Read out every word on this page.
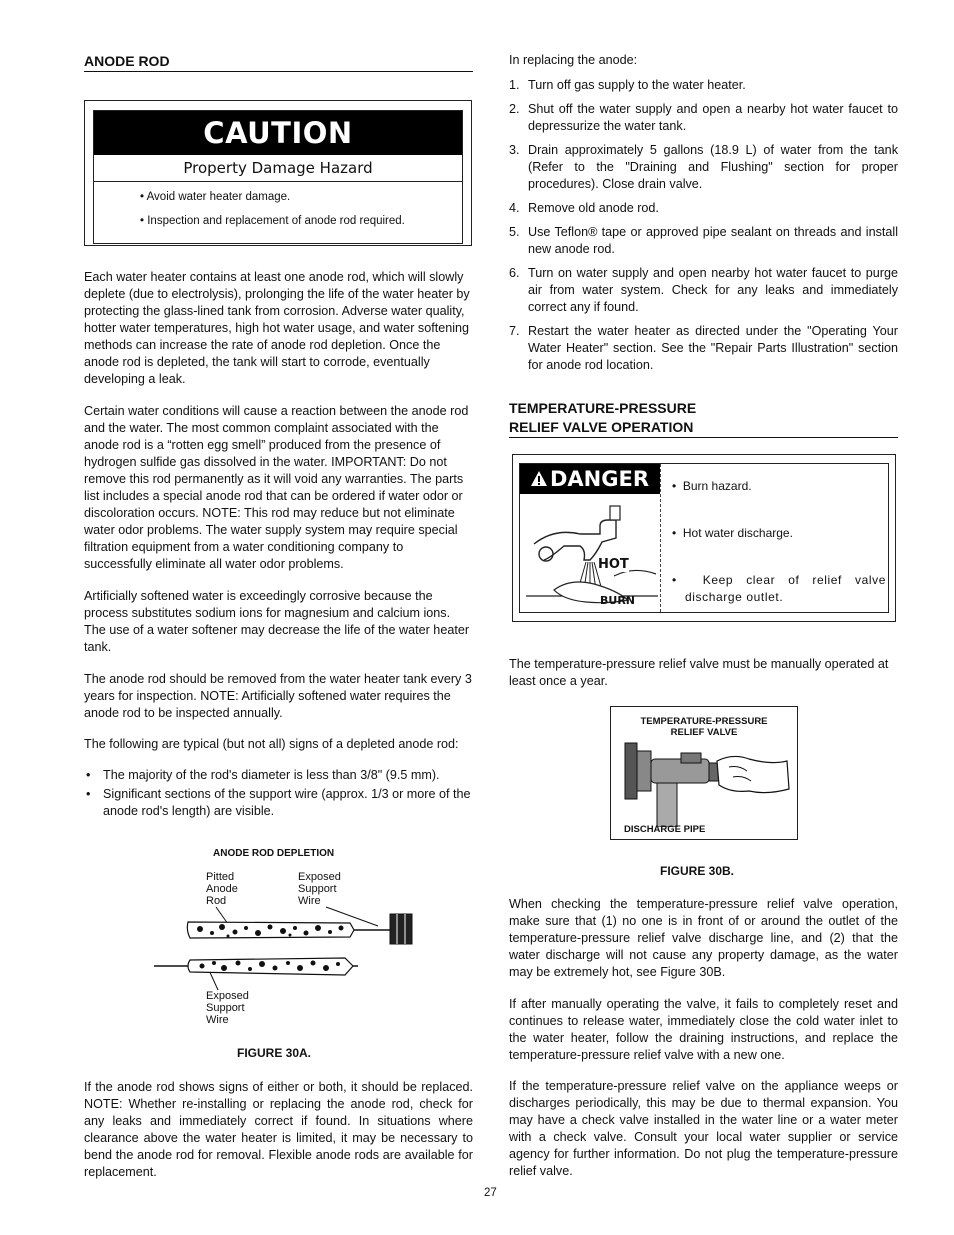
ANODE ROD
CAUTION
Property Damage Hazard
• Avoid water heater damage.
• Inspection and replacement of anode rod required.

Each water heater contains at least one anode rod, which will slowly deplete (due to electrolysis), prolonging the life of the water heater by protecting the glass-lined tank from corrosion. Adverse water quality, hotter water temperatures, high hot water usage, and water softening methods can increase the rate of anode rod depletion. Once the anode rod is depleted, the tank will start to corrode, eventually developing a leak.

Certain water conditions will cause a reaction between the anode rod and the water. The most common complaint associated with the anode rod is a “rotten egg smell” produced from the presence of hydrogen sulfide gas dissolved in the water. IMPORTANT: Do not remove this rod permanently as it will void any warranties. The parts list includes a special anode rod that can be ordered if water odor or discoloration occurs. NOTE: This rod may reduce but not eliminate water odor problems. The water supply system may require special filtration equipment from a water conditioning company to successfully eliminate all water odor problems.

Artificially softened water is exceedingly corrosive because the process substitutes sodium ions for magnesium and calcium ions. The use of a water softener may decrease the life of the water heater tank.

The anode rod should be removed from the water heater tank every 3 years for inspection. NOTE: Artificially softened water requires the anode rod to be inspected annually.

The following are typical (but not all) signs of a depleted anode rod:

• The majority of the rod's diameter is less than 3/8" (9.5 mm).
• Significant sections of the support wire (approx. 1/3 or more of the anode rod's length) are visible.
ANODE ROD DEPLETION
Pitted
Anode
Rod
Exposed
Support
Wire
Exposed
Support
Wire
FIGURE 30A.

If the anode rod shows signs of either or both, it should be replaced. NOTE: Whether re-installing or replacing the anode rod, check for any leaks and immediately correct if found. In situations where clearance above the water heater is limited, it may be necessary to bend the anode rod for removal. Flexible anode rods are available for replacement.

In replacing the anode:

1. Turn off gas supply to the water heater.
2. Shut off the water supply and open a nearby hot water faucet to depressurize the water tank.
3. Drain approximately 5 gallons (18.9 L) of water from the tank (Refer to the "Draining and Flushing" section for proper procedures). Close drain valve.
4. Remove old anode rod.
5. Use Teflon® tape or approved pipe sealant on threads and install new anode rod.
6. Turn on water supply and open nearby hot water faucet to purge air from water system. Check for any leaks and immediately correct any if found.
7. Restart the water heater as directed under the "Operating Your Water Heater" section. See the "Repair Parts Illustration" section for anode rod location.
TEMPERATURE-PRESSURE
RELIEF VALVE OPERATION
DANGER
HOT
BURN
•  Burn hazard.
•  Hot water discharge.
•  Keep clear of relief valve discharge outlet.

The temperature-pressure relief valve must be manually operated at least once a year.

TEMPERATURE-PRESSURE
RELIEF VALVE
DISCHARGE PIPE
FIGURE 30B.

When checking the temperature-pressure relief valve operation, make sure that (1) no one is in front of or around the outlet of the temperature-pressure relief valve discharge line, and (2) that the water discharge will not cause any property damage, as the water may be extremely hot, see Figure 30B.

If after manually operating the valve, it fails to completely reset and continues to release water, immediately close the cold water inlet to the water heater, follow the draining instructions, and replace the temperature-pressure relief valve with a new one.

If the temperature-pressure relief valve on the appliance weeps or discharges periodically, this may be due to thermal expansion. You may have a check valve installed in the water line or a water meter with a check valve. Consult your local water supplier or service agency for further information. Do not plug the temperature-pressure relief valve.

27
